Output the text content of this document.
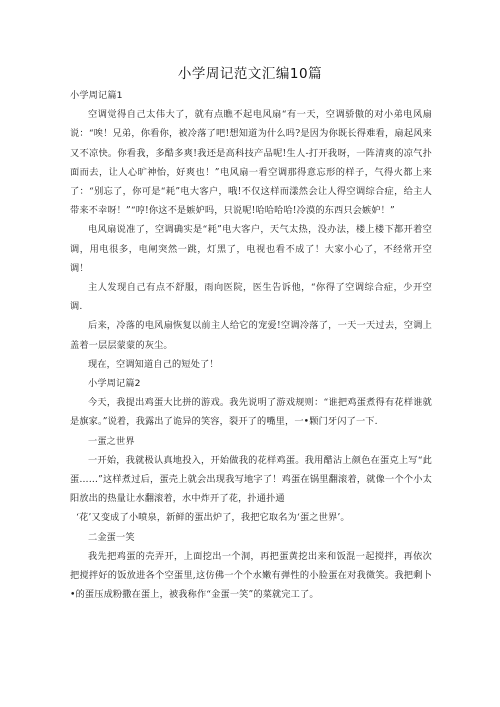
小学周记范文汇编10篇

小学周记篇1

空调觉得自己太伟大了，就有点瞧不起电风扇“有一天，空调骄傲的对小弟电风扇说：“唉！兄弟，你看你，被冷落了吧!想知道为什么吗?是因为你既长得难看，扇起风来又不凉快。你看我，多酷多爽!我还是高科技产品呢!生人-打开我呀，一阵清爽的凉气扑面而去，让人心旷神怡，好爽也！”电风扇一看空调那得意忘形的样子，气得火都上来了：“别忘了，你可是“耗”电大客户，哦!不仅这样而漾然会让人得空调综合症，给主人带来不幸呀！”“哼!你这不是嫉妒吗，只说呢!哈哈哈哈!冷漠的东西只会嫉妒！”

电风扇说准了，空调确实是“耗”电大客户，天气太热，没办法，楼上楼下都开着空调，用电很多，电闸突然一跳，灯黑了，电视也看不成了！大家小心了，不经常开空调！

主人发现自己有点不舒服，雨向医院，医生告诉他，“你得了空调综合症，少开空调.

后来，冷落的电风扇恢复以前主人给它的宠爱!空调冷落了，一天一天过去，空调上盖着一层层蒙蒙的灰尘。

现在，空调知道自己的短处了！

小学周记篇2

今天，我提出鸡蛋大比拼的游戏。我先说明了游戏规则：“谁把鸡蛋煮得有花样谁就是旗家。”说着，我露出了诡异的笑容，裂开了的嘴里，一•颗门牙闪了一下.

一蛋之世界

一开始，我就极认真地投入，开始做我的花样鸡蛋。我用醋沾上颜色在蛋克上写“此蛋……”这样煮过后，蛋壳上就会出现我写地字了！鸡蛋在锅里翻滚着，就像一个个小太阳放出的热量让水翻滚着，水中炸开了花，扑通扑通

‘花’又变成了小喷泉，新鲜的蛋出炉了，我把它取名为‘蛋之世界’。

二金蛋一笑

我先把鸡蛋的壳弄开，上面挖出一个洞，再把蛋黄挖出来和饭混一起搅拌，再依次把搅拌好的饭放进各个空蛋里,这仿佛一个个水嫩有弹性的小脸蛋在对我微笑。我把剩卜•的蛋压成粉撒在蛋上，被我称作“金蛋一笑”的菜就完工了。
